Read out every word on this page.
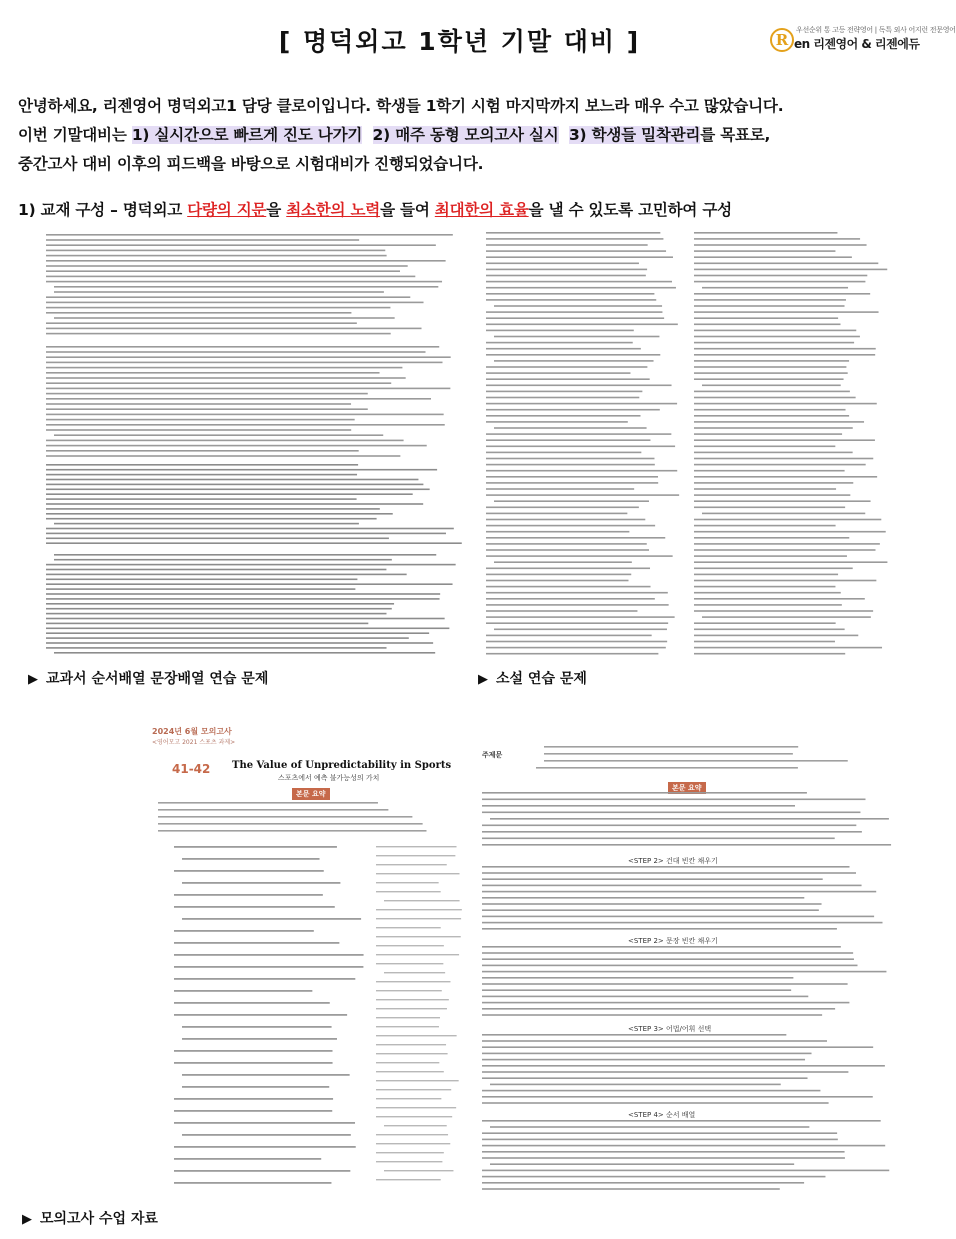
[ 명덕외고 1학년 기말 대비 ]	우선순위 통 고등 전략영어 | 독특 외사 어지런 전문영어
R en 리젠영어 & 리젠에듀
안녕하세요, 리젠영어 명덕외고1 담당 클로이입니다. 학생들 1학기 시험 마지막까지 보느라 매우 수고 많았습니다.
이번 기말대비는 1) 실시간으로 빠르게 진도 나가기 2) 매주 동형 모의고사 실시 3) 학생들 밀착관리를 목표로,
중간고사 대비 이후의 피드백을 바탕으로 시험대비가 진행되었습니다.
1) 교재 구성 – 명덕외고 다량의 지문을 최소한의 노력을 들여 최대한의 효율을 낼 수 있도록 고민하여 구성
▶ 교과서 순서배열 문장배열 연습 문제	▶ 소설 연습 문제
2024년 6월 모의고사
<영어모고 2021 스포츠 과제>
41-42 The Value of Unpredictability in Sports
스포츠에서 예측 불가능성의 가치
본문 요약
주제문
본문 요약
<STEP 2> 건대 빈칸 채우기
<STEP 2> 문장 빈칸 채우기
<STEP 3> 어법/어휘 선택
<STEP 4> 순서 배열
▶ 모의고사 수업 자료
